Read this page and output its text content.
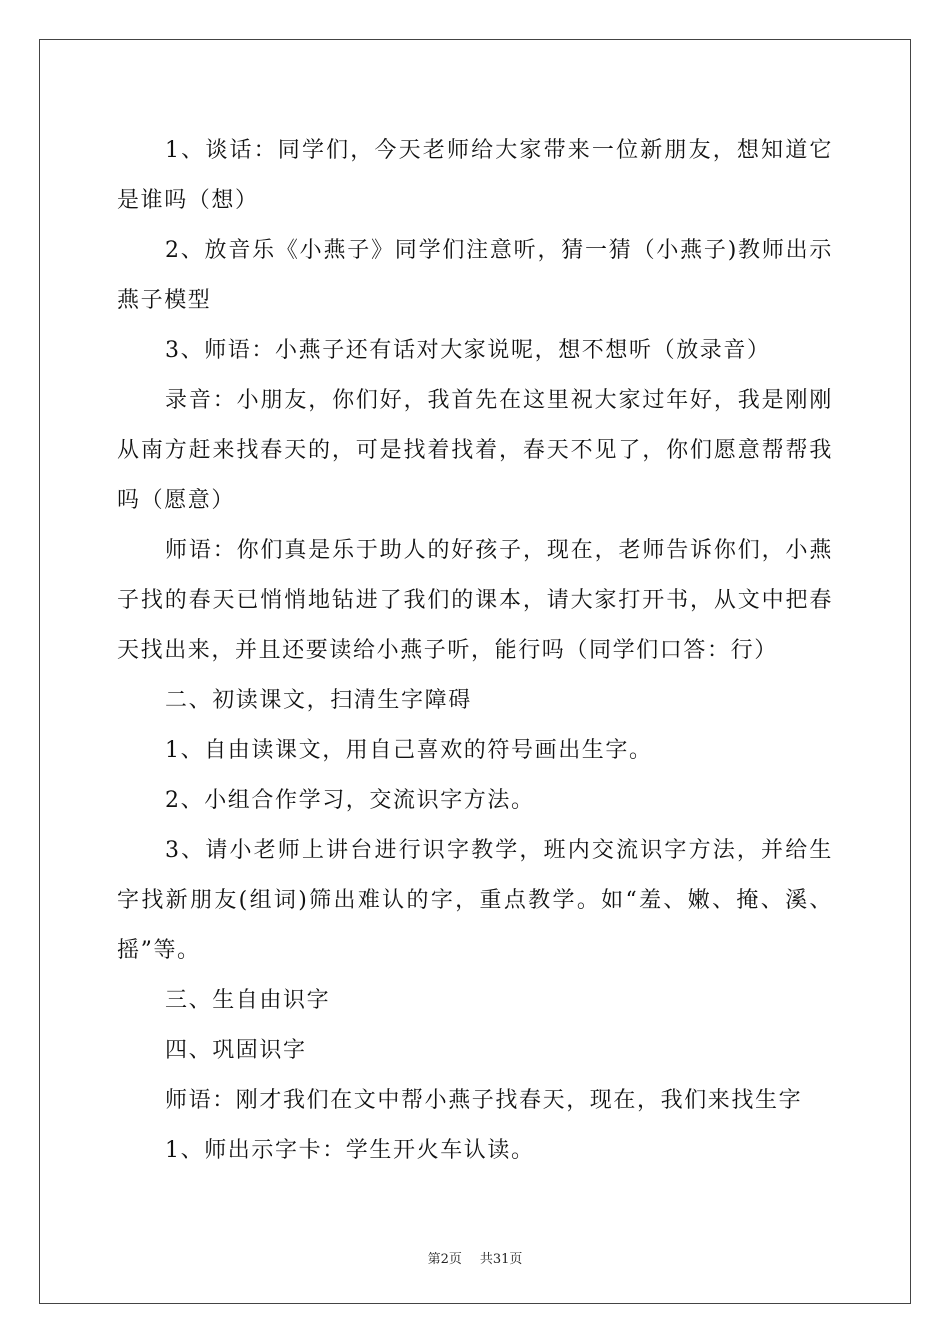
1、谈话：同学们，今天老师给大家带来一位新朋友，想知道它是谁吗（想）

2、放音乐《小燕子》同学们注意听，猜一猜（小燕子)教师出示燕子模型

3、师语：小燕子还有话对大家说呢，想不想听（放录音）

录音：小朋友，你们好，我首先在这里祝大家过年好，我是刚刚从南方赶来找春天的，可是找着找着，春天不见了，你们愿意帮帮我吗（愿意）

师语：你们真是乐于助人的好孩子，现在，老师告诉你们，小燕子找的春天已悄悄地钻进了我们的课本，请大家打开书，从文中把春天找出来，并且还要读给小燕子听，能行吗（同学们口答：行）

二、初读课文，扫清生字障碍

1、自由读课文，用自己喜欢的符号画出生字。

2、小组合作学习，交流识字方法。

3、请小老师上讲台进行识字教学，班内交流识字方法，并给生字找新朋友(组词)筛出难认的字，重点教学。如“羞、嫩、掩、溪、摇”等。

三、生自由识字

四、巩固识字

师语：刚才我们在文中帮小燕子找春天，现在，我们来找生字

1、师出示字卡：学生开火车认读。

第2页 共31页
